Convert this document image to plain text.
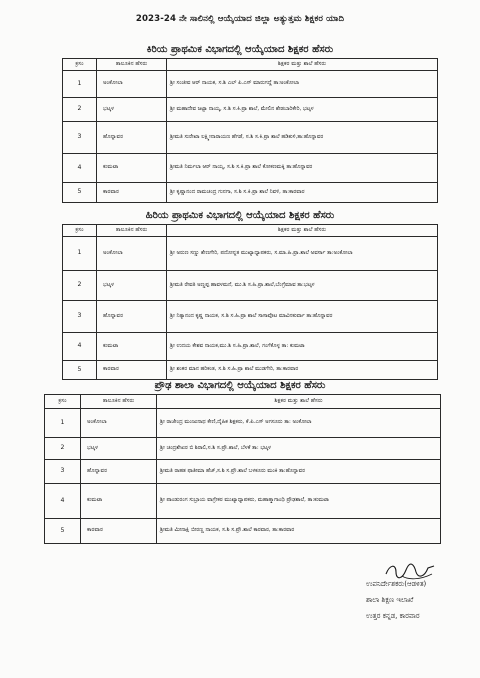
2023-24 ನೇ ಸಾಲಿನಲ್ಲಿ ಆಯ್ಕೆಯಾದ ಜಿಲ್ಲಾ ಅತ್ಯುತ್ತಮ ಶಿಕ್ಷಕರ ಯಾದಿ
ಕಿರಿಯ ಪ್ರಾಥಮಿಕ ವಿಭಾಗದಲ್ಲಿ ಆಯ್ಕೆಯಾದ ಶಿಕ್ಷಕರ ಹೆಸರು
ಕ್ರಸಂ	ತಾಲೂಕಿನ ಹೆಸರು	ಶಿಕ್ಷಕರ ಮತ್ತು ಶಾಲೆ ಹೆಸರು
1	ಅಂಕೋಲಾ	ಶ್ರೀ ಸಂಜೀವ ಆರ್ ನಾಯಕ, ಸ.ಶಿ ಎಲ್ ಪಿ.ಎಸ್ ಮಾರುಗದ್ದೆ ತಾ:ಅಂಕೋಲಾ
2	ಭಟ್ಕಳ	ಶ್ರೀ ಮಹಾದೇವ ಜಟ್ಟಾ ನಾಯ್ಕ, ಸ.ಶಿ ಸ.ಕಿ.ಪ್ರಾ ಶಾಲೆ, ಮೇಲಿನ ಶೇಡಬಾರಿಕೇರಿ, ಭಟ್ಕಳ
3	ಹೊನ್ನಾವರ	ಶ್ರೀಮತಿ ಸುರೇಖಾ ಲಕ್ಷ್ಮೀನಾರಾಯಣ ಹೆಗಡೆ, ಸ.ಶಿ ಸ.ಕಿ.ಪ್ರಾ ಶಾಲೆ ಹಡಿಕುಳಿ,ತಾ:ಹೊನ್ನಾವರ
4	ಕುಮಟಾ	ಶ್ರೀಮತಿ ನಿರ್ಮಲಾ ಆರ್ ನಾಯ್ಕ, ಸ.ಶಿ ಸ.ಕಿ.ಪ್ರಾ ಶಾಲೆ ಕೋಕಣಮಕ್ಕಿ ತಾ:ಹೊನ್ನಾವರ
5	ಕಾರವಾರ	ಶ್ರೀ ಕೃಷ್ಣಾನಂದ ರಾಮಚಂದ್ರ ಗುನಗಾ, ಸ.ಶಿ ಸ.ಕಿ.ಪ್ರಾ ಶಾಲೆ ನಿವಳಿ, ತಾ:ಕಾರವಾರ
ಹಿರಿಯ ಪ್ರಾಥಮಿಕ ವಿಭಾಗದಲ್ಲಿ ಆಯ್ಕೆಯಾದ ಶಿಕ್ಷಕರ ಹೆಸರು
ಕ್ರಸಂ	ತಾಲೂಕಿನ ಹೆಸರು	ಶಿಕ್ಷಕರ ಮತ್ತು ಶಾಲೆ ಹೆಸರು
1	ಅಂಕೋಲಾ	ಶ್ರೀ ಅರುಣ ಸಣ್ಣು ಶೇಣಗೇರಿ, ಪದೋನ್ನತ ಮುಖ್ಯಾಧ್ಯಾಪಕರು, ಸ.ಮಾ.ಹಿ.ಪ್ರಾ.ಶಾಲೆ ಅವರ್ಸಾ ತಾ:ಅಂಕೋಲಾ
2	ಭಟ್ಕಳ	ಶ್ರೀಮತಿ ರೇವತಿ ಅಣ್ಣಪ್ಪ ಹಾವಳಮನೆ, ಮು.ಶಿ ಸ.ಹಿ.ಪ್ರಾ.ಶಾಲೆ,ಬೆಂಗ್ರೆಮಾವ ತಾ:ಭಟ್ಕಳ
3	ಹೊನ್ನಾವರ	ಶ್ರೀ ನಿತ್ಯಾನಂದ ಕೃಷ್ಣ ನಾಯಕ, ಸ.ಶಿ ಸ.ಹಿ.ಪ್ರಾ ಶಾಲೆ ಸಾಸಾವೊಟ ಮಾವಿನಕುರ್ವಾ ತಾ:ಹೊನ್ನಾವರ
4	ಕುಮಟಾ	ಶ್ರೀ ಉದಯ ಕೇಶವ ನಾಯಕ,ಮು.ಶಿ ಸ.ಹಿ.ಪ್ರಾ.ಶಾಲೆ, ಗಂಗೆಕೊಳ್ಳ ತಾ: ಕುಮಟಾ
5	ಕಾರವಾರ	ಶ್ರೀ ಶಂಕರ ಮಾನ ಹರಿಕಂತ, ಸ.ಶಿ ಸ.ಹಿ.ಪ್ರಾ ಶಾಲೆ ಮುಡಗೇರಿ, ತಾ:ಕಾರವಾರ
ಪ್ರೌಢ ಶಾಲಾ ವಿಭಾಗದಲ್ಲಿ ಆಯ್ಕೆಯಾದ ಶಿಕ್ಷಕರ ಹೆಸರು
ಕ್ರಸಂ	ತಾಲೂಕಿನ ಹೆಸರು	ಶಿಕ್ಷಕರ ಮತ್ತು ಶಾಲೆ ಹೆಸರು
1	ಅಂಕೋಲಾ	ಶ್ರೀ ರಾಜೇಂದ್ರ ಮಂಜುನಾಥ ಕೇಣಿ,ದೈಹಿಕ ಶಿಕ್ಷಕರು, ಕೆ.ಪಿ.ಎಸ್ ಅಗಸೂರು ತಾ: ಅಂಕೋಲಾ
2	ಭಟ್ಕಳ	ಶ್ರೀ ಚಂದ್ರಶೇಖರ ಬಿ ಶಿರಾಲಿ,ಸ.ಶಿ ಸ.ಪ್ರೌ.ಶಾಲೆ, ಬೆಳಕೆ ತಾ: ಭಟ್ಕಳ
3	ಹೊನ್ನಾವರ	ಶ್ರೀಮತಿ ರಾಹತ ಫಾತೀಮಾ ಹೆಜ್,ಸ.ಶಿ ಸ.ಪ್ರೌ.ಶಾಲೆ ಬಳಕೂರು ಮಂಕಿ ತಾ:ಹೊನ್ನಾವರ
4	ಕುಮಟಾ	ಶ್ರೀ ಪಾಂಡುರಂಗ ಸುಬ್ರಾಯ ವಾಗ್ರೇಕರ ಮುಖ್ಯಾಧ್ಯಾಪಕರು, ಮಹಾತ್ಮಾಗಾಂಧಿ ಪ್ರೌಢಶಾಲೆ, ತಾ:ಕುಮಟಾ
5	ಕಾರವಾರ	ಶ್ರೀಮತಿ ಮೀನಾಕ್ಷಿ ಬೀರಣ್ಣ ನಾಯಕ, ಸ.ಶಿ ಸ.ಪ್ರೌ.ಶಾಲೆ ಕಾರವಾರ, ತಾ:ಕಾರವಾರ
ಉಪನಿರ್ದೇಶಕರು(ಆಡಳಿತ)
ಶಾಲಾ ಶಿಕ್ಷಣ ಇಲಾಖೆ
ಉತ್ತರ ಕನ್ನಡ, ಕಾರವಾರ
